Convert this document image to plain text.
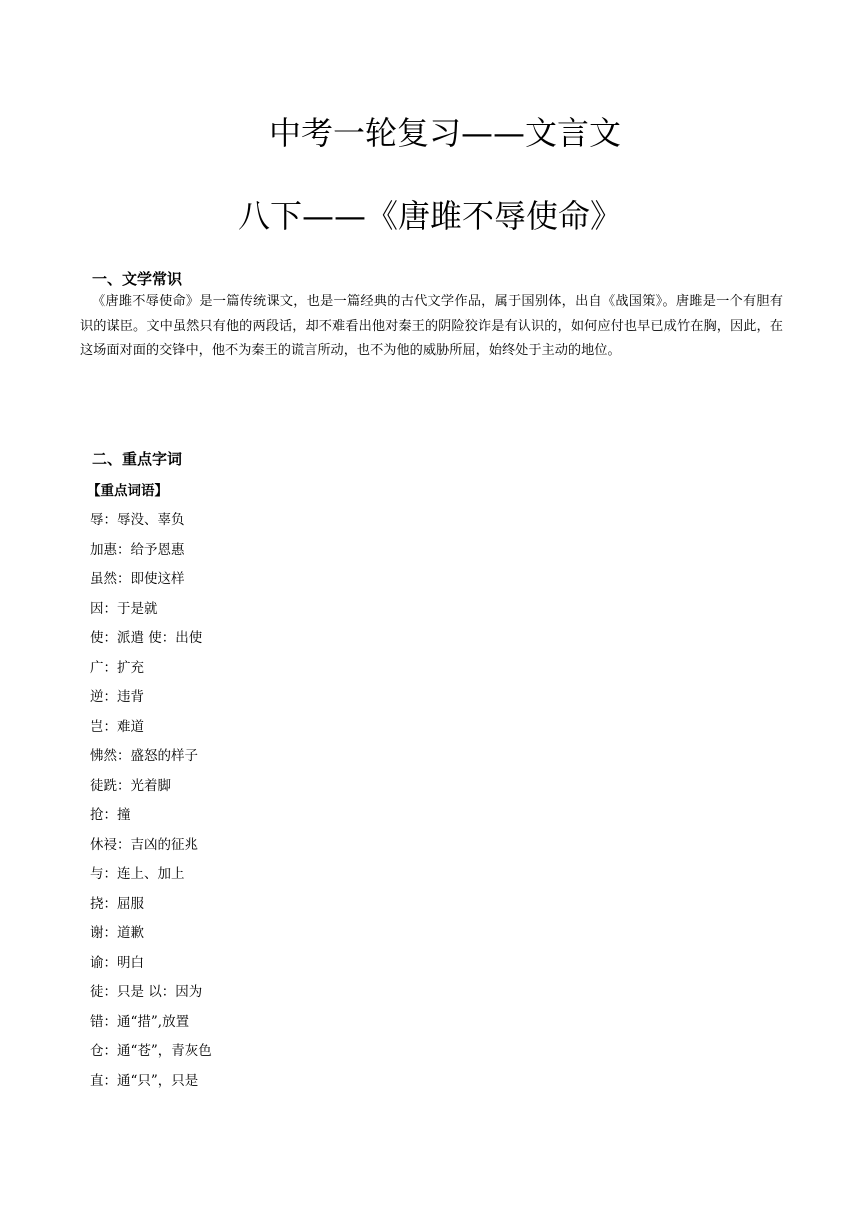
中考一轮复习——文言文
八下——《唐雎不辱使命》
一、文学常识

《唐雎不辱使命》是一篇传统课文，也是一篇经典的古代文学作品，属于国别体，出自《战国策》。唐雎是一个有胆有识的谋臣。文中虽然只有他的两段话，却不难看出他对秦王的阴险狡诈是有认识的，如何应付也早已成竹在胸，因此，在这场面对面的交锋中，他不为秦王的谎言所动，也不为他的威胁所屈，始终处于主动的地位。

二、重点字词
【重点词语】
辱：辱没、辜负
加惠：给予恩惠
虽然：即使这样
因：于是就
使：派遣 使：出使
广：扩充
逆：违背
岂：难道
怫然：盛怒的样子
徒跣：光着脚
抢：撞
休祲：吉凶的征兆
与：连上、加上
挠：屈服
谢：道歉
谕：明白
徒：只是 以：因为
错：通“措”,放置
仓：通“苍”，青灰色
直：通“只”，只是
